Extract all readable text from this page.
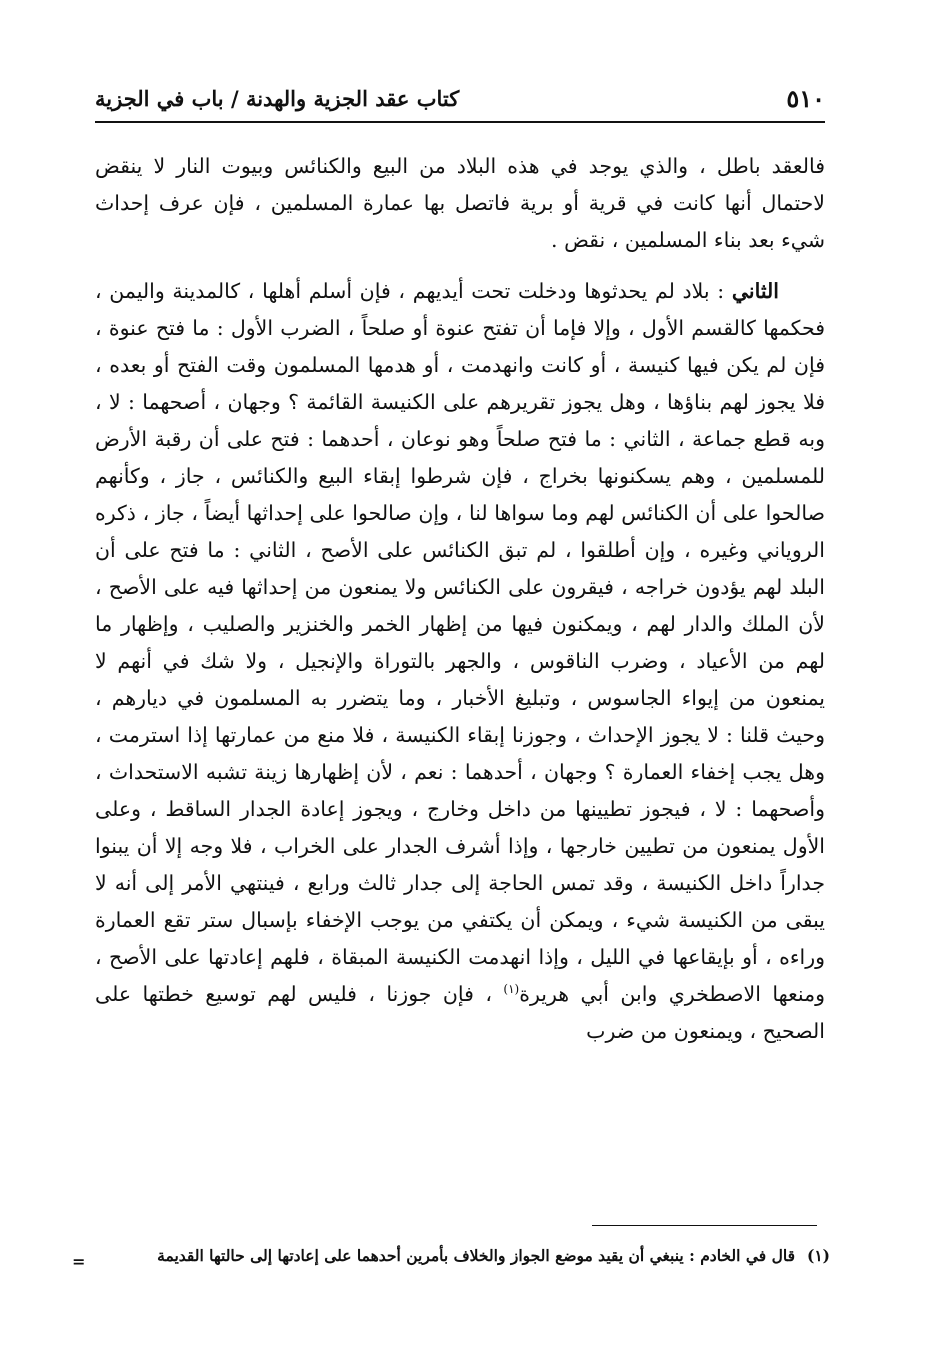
٥١٠
كتاب عقد الجزية والهدنة / باب في الجزية

فالعقد باطل ، والذي يوجد في هذه البلاد من البيع والكنائس وبيوت النار لا ينقض لاحتمال أنها كانت في قرية أو برية فاتصل بها عمارة المسلمين ، فإن عرف إحداث شيء بعد بناء المسلمين ، نقض .

الثاني : بلاد لم يحدثوها ودخلت تحت أيديهم ، فإن أسلم أهلها ، كالمدينة واليمن ، فحكمها كالقسم الأول ، وإلا فإما أن تفتح عنوة أو صلحاً ، الضرب الأول : ما فتح عنوة ، فإن لم يكن فيها كنيسة ، أو كانت وانهدمت ، أو هدمها المسلمون وقت الفتح أو بعده ، فلا يجوز لهم بناؤها ، وهل يجوز تقريرهم على الكنيسة القائمة ؟ وجهان ، أصحهما : لا ، وبه قطع جماعة ، الثاني : ما فتح صلحاً وهو نوعان ، أحدهما : فتح على أن رقبة الأرض للمسلمين ، وهم يسكنونها بخراج ، فإن شرطوا إبقاء البيع والكنائس ، جاز ، وكأنهم صالحوا على أن الكنائس لهم وما سواها لنا ، وإن صالحوا على إحداثها أيضاً ، جاز ، ذكره الروياني وغيره ، وإن أطلقوا ، لم تبق الكنائس على الأصح ، الثاني : ما فتح على أن البلد لهم يؤدون خراجه ، فيقرون على الكنائس ولا يمنعون من إحداثها فيه على الأصح ، لأن الملك والدار لهم ، ويمكنون فيها من إظهار الخمر والخنزير والصليب ، وإظهار ما لهم من الأعياد ، وضرب الناقوس ، والجهر بالتوراة والإنجيل ، ولا شك في أنهم لا يمنعون من إيواء الجاسوس ، وتبليغ الأخبار ، وما يتضرر به المسلمون في ديارهم ، وحيث قلنا : لا يجوز الإحداث ، وجوزنا إبقاء الكنيسة ، فلا منع من عمارتها إذا استرمت ، وهل يجب إخفاء العمارة ؟ وجهان ، أحدهما : نعم ، لأن إظهارها زينة تشبه الاستحداث ، وأصحهما : لا ، فيجوز تطيينها من داخل وخارج ، ويجوز إعادة الجدار الساقط ، وعلى الأول يمنعون من تطيين خارجها ، وإذا أشرف الجدار على الخراب ، فلا وجه إلا أن يبنوا جداراً داخل الكنيسة ، وقد تمس الحاجة إلى جدار ثالث ورابع ، فينتهي الأمر إلى أنه لا يبقى من الكنيسة شيء ، ويمكن أن يكتفي من يوجب الإخفاء بإسبال ستر تقع العمارة وراءه ، أو بإيقاعها في الليل ، وإذا انهدمت الكنيسة المبقاة ، فلهم إعادتها على الأصح ، ومنعها الاصطخري وابن أبي هريرة$^{(١)}$ ، فإن جوزنا ، فليس لهم توسيع خطتها على الصحيح ، ويمنعون من ضرب

(١)قال في الخادم : ينبغي أن يقيد موضع الجواز والخلاف بأمرين أحدهما على إعادتها إلى حالتها القديمة
=
